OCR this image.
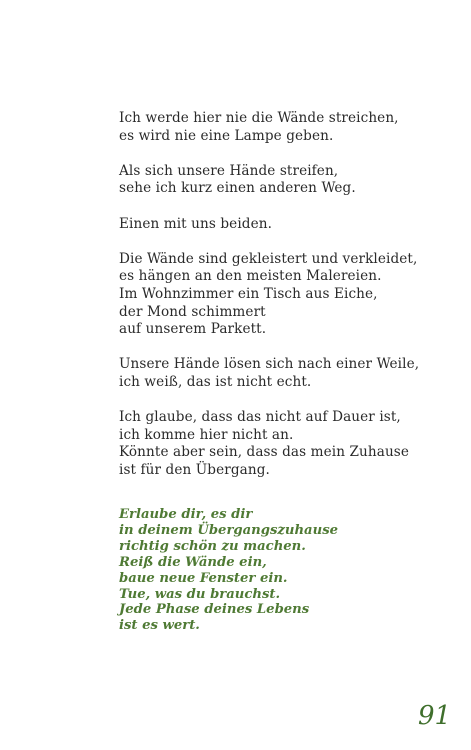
Ich werde hier nie die Wände streichen,
es wird nie eine Lampe geben.
Als sich unsere Hände streifen,
sehe ich kurz einen anderen Weg.
Einen mit uns beiden.
Die Wände sind gekleistert und verkleidet,
es hängen an den meisten Malereien.
Im Wohnzimmer ein Tisch aus Eiche,
der Mond schimmert
auf unserem Parkett.
Unsere Hände lösen sich nach einer Weile,
ich weiß, das ist nicht echt.
Ich glaube, dass das nicht auf Dauer ist,
ich komme hier nicht an.
Könnte aber sein, dass das mein Zuhause
ist für den Übergang.
Erlaube dir, es dir
in deinem Übergangszuhause
richtig schön zu machen.
Reiß die Wände ein,
baue neue Fenster ein.
Tue, was du brauchst.
Jede Phase deines Lebens
ist es wert.
91
